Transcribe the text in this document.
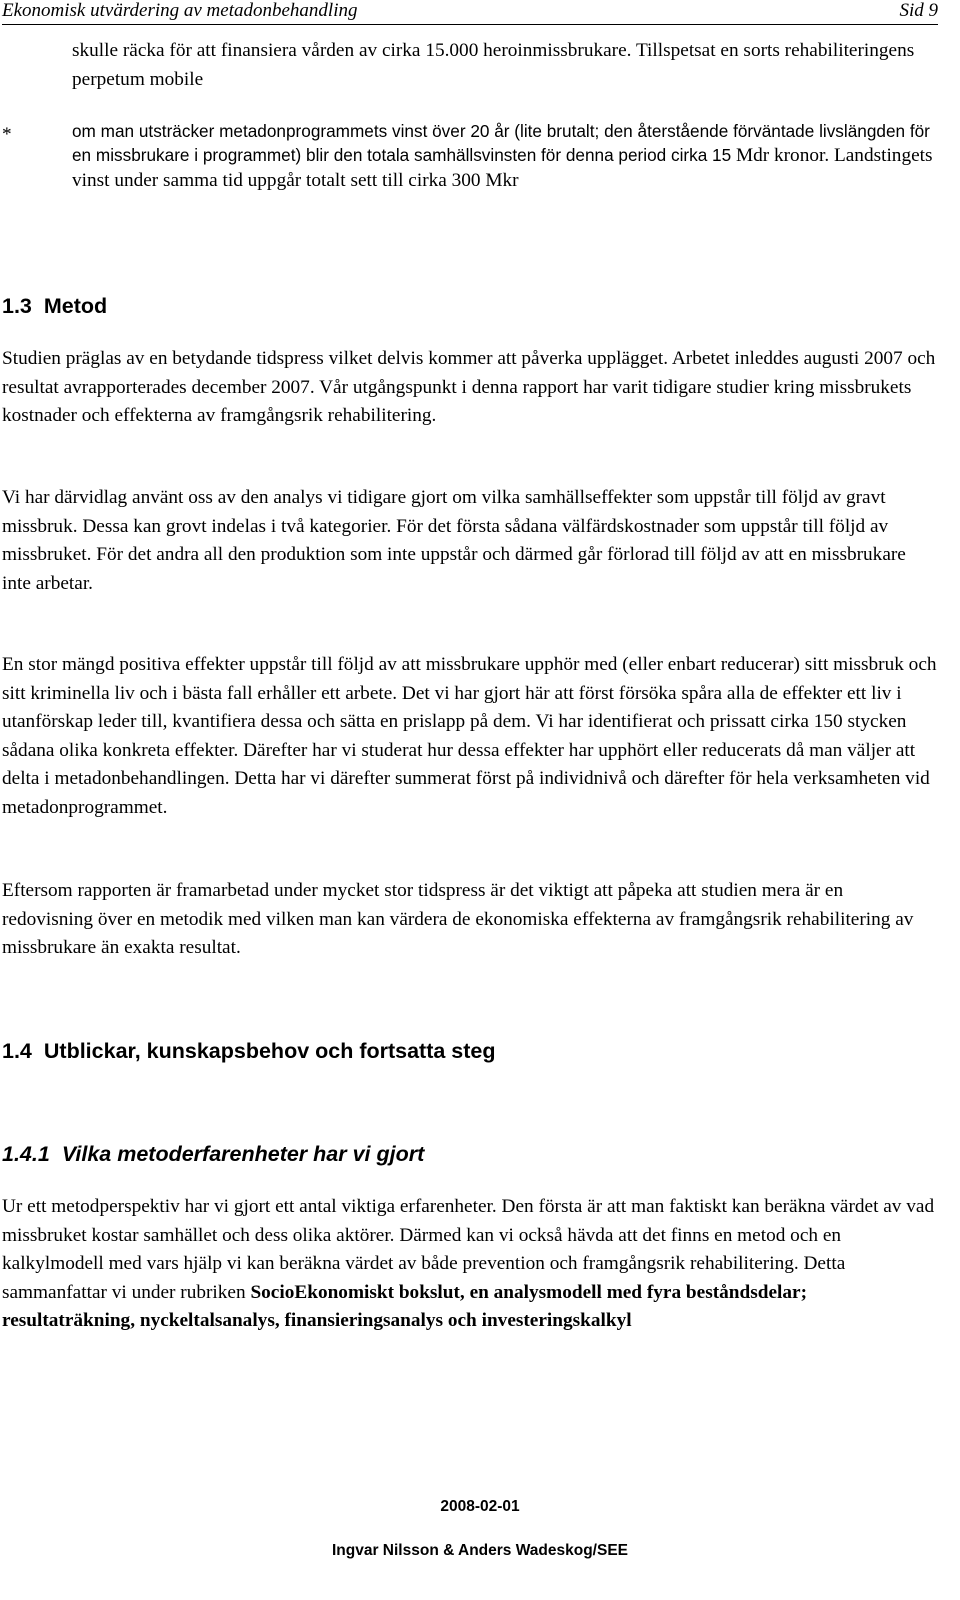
Ekonomisk utvärdering av metadonbehandling	Sid 9

skulle räcka för att finansiera vården av cirka 15.000 heroinmissbrukare. Tillspetsat en sorts rehabiliteringens perpetum mobile

*	om man utsträcker metadonprogrammets vinst över 20 år (lite brutalt; den återstående förväntade livslängden för en missbrukare i programmet) blir den totala samhällsvinsten för denna period cirka 15 Mdr kronor. Landstingets vinst under samma tid uppgår totalt sett till cirka 300 Mkr
1.3 Metod

Studien präglas av en betydande tidspress vilket delvis kommer att påverka upplägget. Arbetet inleddes augusti 2007 och resultat avrapporterades december 2007. Vår utgångspunkt i denna rapport har varit tidigare studier kring missbrukets kostnader och effekterna av framgångsrik rehabilitering.

Vi har därvidlag använt oss av den analys vi tidigare gjort om vilka samhällseffekter som uppstår till följd av gravt missbruk. Dessa kan grovt indelas i två kategorier. För det första sådana välfärdskostnader som uppstår till följd av missbruket. För det andra all den produktion som inte uppstår och därmed går förlorad till följd av att en missbrukare inte arbetar.

En stor mängd positiva effekter uppstår till följd av att missbrukare upphör med (eller enbart reducerar) sitt missbruk och sitt kriminella liv och i bästa fall erhåller ett arbete. Det vi har gjort här att först försöka spåra alla de effekter ett liv i utanförskap leder till, kvantifiera dessa och sätta en prislapp på dem. Vi har identifierat och prissatt cirka 150 stycken sådana olika konkreta effekter. Därefter har vi studerat hur dessa effekter har upphört eller reducerats då man väljer att delta i metadonbehandlingen. Detta har vi därefter summerat först på individnivå och därefter för hela verksamheten vid metadonprogrammet.

Eftersom rapporten är framarbetad under mycket stor tidspress är det viktigt att påpeka att studien mera är en redovisning över en metodik med vilken man kan värdera de ekonomiska effekterna av framgångsrik rehabilitering av missbrukare än exakta resultat.

1.4 Utblickar, kunskapsbehov och fortsatta steg
1.4.1 Vilka metoderfarenheter har vi gjort

Ur ett metodperspektiv har vi gjort ett antal viktiga erfarenheter. Den första är att man faktiskt kan beräkna värdet av vad missbruket kostar samhället och dess olika aktörer. Därmed kan vi också hävda att det finns en metod och en kalkylmodell med vars hjälp vi kan beräkna värdet av både prevention och framgångsrik rehabilitering. Detta sammanfattar vi under rubriken SocioEkonomiskt bokslut, en analysmodell med fyra beståndsdelar; resultaträkning, nyckeltalsanalys, finansieringsanalys och investeringskalkyl

2008-02-01
Ingvar Nilsson & Anders Wadeskog/SEE
